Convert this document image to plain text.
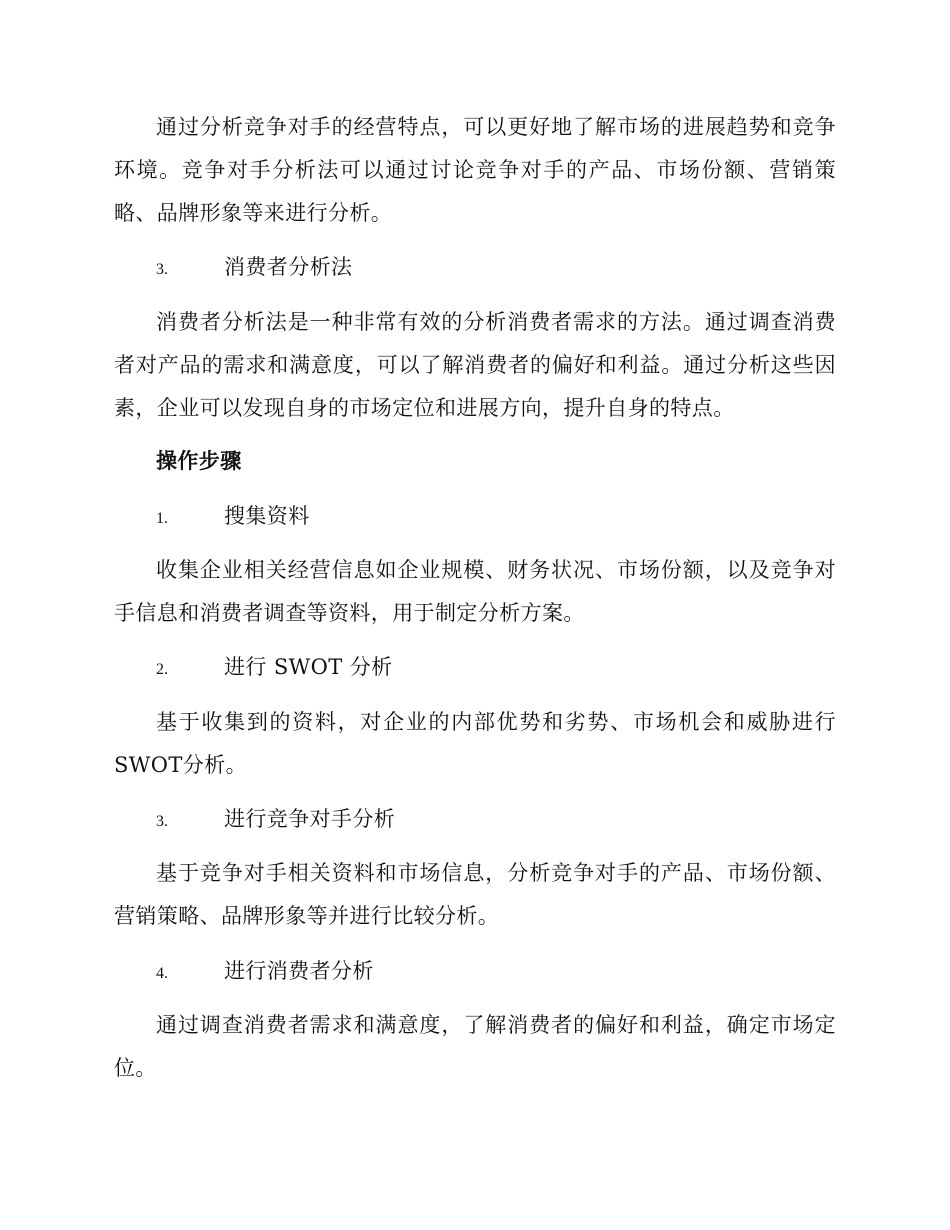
通过分析竞争对手的经营特点，可以更好地了解市场的进展趋势和竞争环境。竞争对手分析法可以通过讨论竞争对手的产品、市场份额、营销策略、品牌形象等来进行分析。

3.	消费者分析法

消费者分析法是一种非常有效的分析消费者需求的方法。通过调查消费者对产品的需求和满意度，可以了解消费者的偏好和利益。通过分析这些因素，企业可以发现自身的市场定位和进展方向，提升自身的特点。

操作步骤
1.	搜集资料

收集企业相关经营信息如企业规模、财务状况、市场份额，以及竞争对手信息和消费者调查等资料，用于制定分析方案。

2.	进行 SWOT 分析

基于收集到的资料，对企业的内部优势和劣势、市场机会和威胁进行SWOT分析。

3.	进行竞争对手分析

基于竞争对手相关资料和市场信息，分析竞争对手的产品、市场份额、营销策略、品牌形象等并进行比较分析。

4.	进行消费者分析

通过调查消费者需求和满意度，了解消费者的偏好和利益，确定市场定位。
